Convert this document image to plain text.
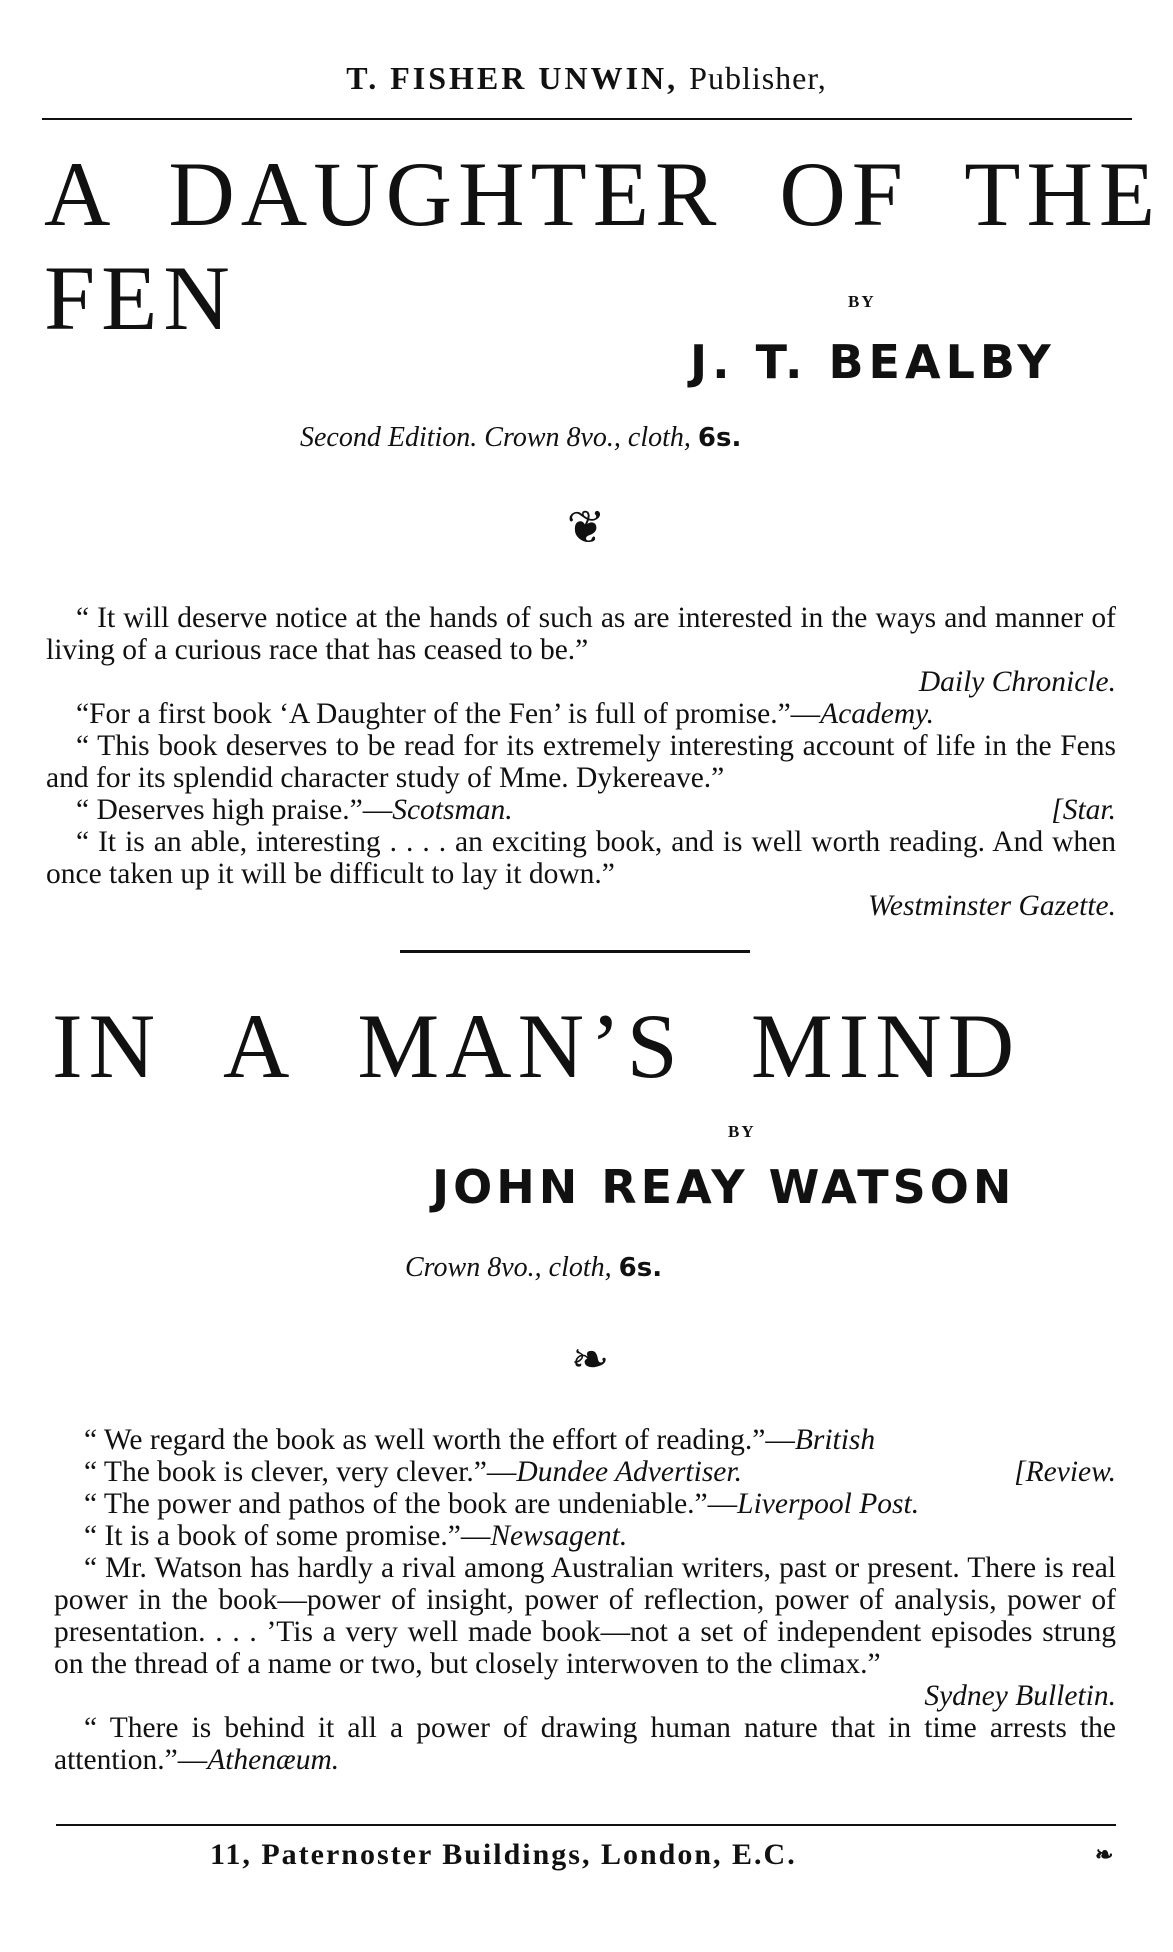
T. FISHER UNWIN, Publisher,

A DAUGHTER OF THE

FEN	BY

J. T. BEALBY

Second Edition. Crown 8vo., cloth, 6s.

❦

“ It will deserve notice at the hands of such as are interested in the ways and manner of living of a curious race that has ceased to be.”

Daily Chronicle.

“For a first book ‘A Daughter of the Fen’ is full of promise.”—Academy.

“ This book deserves to be read for its extremely interesting account of life in the Fens and for its splendid character study of Mme. Dykereave.”

“ Deserves high praise.”—Scotsman.	[Star.

“ It is an able, interesting . . . . an exciting book, and is well worth reading. And when once taken up it will be difficult to lay it down.”

Westminster Gazette.

IN A MAN’S MIND

BY

JOHN REAY WATSON

Crown 8vo., cloth, 6s.

❧

“ We regard the book as well worth the effort of reading.”—British

“ The book is clever, very clever.”—Dundee Advertiser.	[Review.

“ The power and pathos of the book are undeniable.”—Liverpool Post.

“ It is a book of some promise.”—Newsagent.

“ Mr. Watson has hardly a rival among Australian writers, past or present. There is real power in the book—power of insight, power of reflection, power of analysis, power of presentation. . . . ’Tis a very well made book—not a set of independent episodes strung on the thread of a name or two, but closely interwoven to the climax.”

Sydney Bulletin.

“ There is behind it all a power of drawing human nature that in time arrests the attention.”—Athenæum.

11, Paternoster Buildings, London, E.C.	❧
